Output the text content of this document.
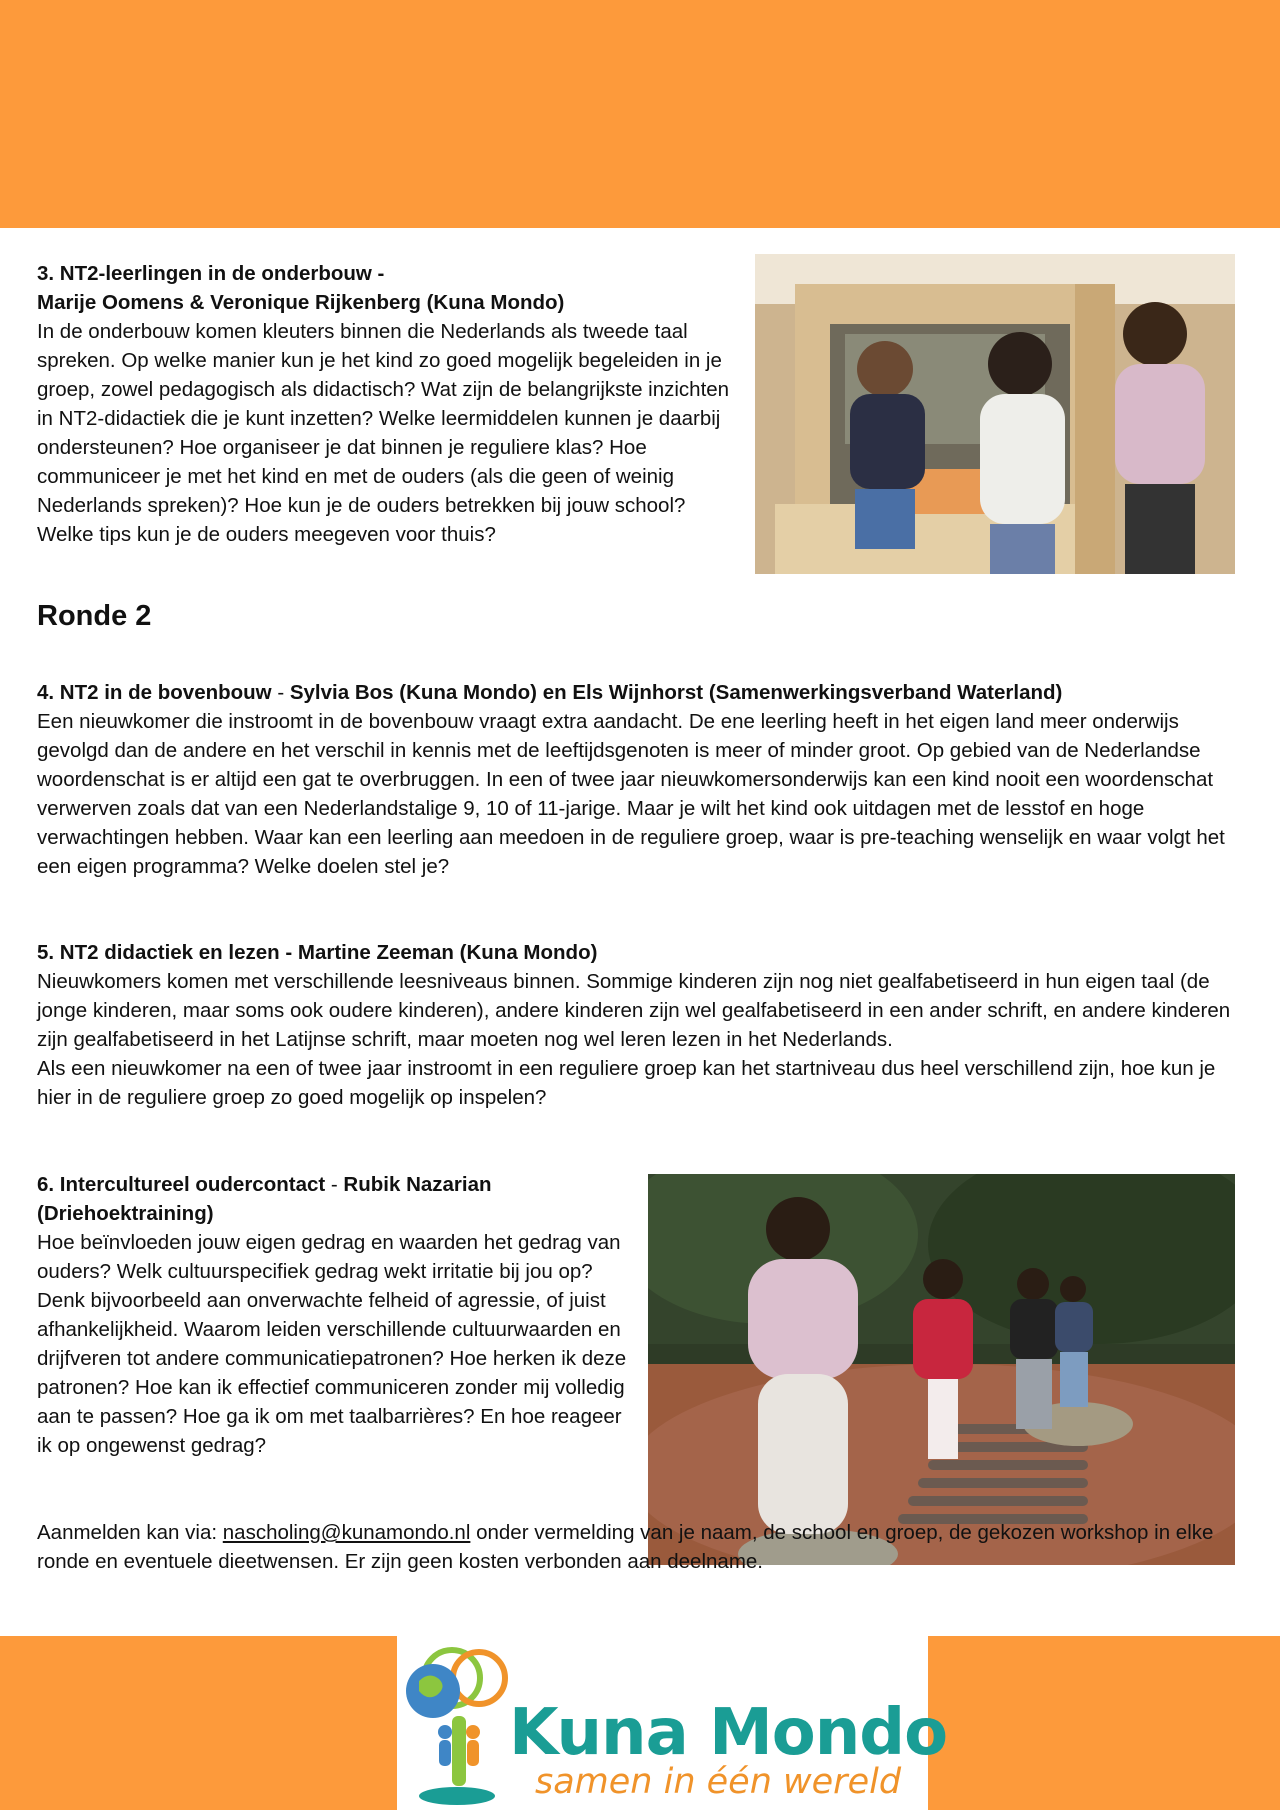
3. NT2-leerlingen in de onderbouw -

Marije Oomens & Veronique Rijkenberg (Kuna Mondo)

In de onderbouw komen kleuters binnen die Nederlands als tweede taal spreken. Op welke manier kun je het kind zo goed mogelijk begeleiden in je groep, zowel pedagogisch als didactisch? Wat zijn de belangrijkste inzichten in NT2-didactiek die je kunt inzetten? Welke leermiddelen kunnen je daarbij ondersteunen? Hoe organiseer je dat binnen je reguliere klas? Hoe communiceer je met het kind en met de ouders (als die geen of weinig Nederlands spreken)? Hoe kun je de ouders betrekken bij jouw school? Welke tips kun je de ouders meegeven voor thuis?

Ronde 2

4. NT2 in de bovenbouw - Sylvia Bos (Kuna Mondo) en Els Wijnhorst (Samenwerkingsverband Waterland)

Een nieuwkomer die instroomt in de bovenbouw vraagt extra aandacht. De ene leerling heeft in het eigen land meer onderwijs gevolgd dan de andere en het verschil in kennis met de leeftijdsgenoten is meer of minder groot. Op gebied van de Nederlandse woordenschat is er altijd een gat te overbruggen. In een of twee jaar nieuwkomersonderwijs kan een kind nooit een woordenschat verwerven zoals dat van een Nederlandstalige 9, 10 of 11-jarige. Maar je wilt het kind ook uitdagen met de lesstof en hoge verwachtingen hebben. Waar kan een leerling aan meedoen in de reguliere groep, waar is pre-teaching wenselijk en waar volgt het een eigen programma? Welke doelen stel je?

5. NT2 didactiek en lezen - Martine Zeeman (Kuna Mondo)

Nieuwkomers komen met verschillende leesniveaus binnen. Sommige kinderen zijn nog niet gealfabetiseerd in hun eigen taal (de jonge kinderen, maar soms ook oudere kinderen), andere kinderen zijn wel gealfabetiseerd in een ander schrift, en andere kinderen zijn gealfabetiseerd in het Latijnse schrift, maar moeten nog wel leren lezen in het Nederlands.

Als een nieuwkomer na een of twee jaar instroomt in een reguliere groep kan het startniveau dus heel verschillend zijn, hoe kun je hier in de reguliere groep zo goed mogelijk op inspelen?

6. Intercultureel oudercontact - Rubik Nazarian (Driehoektraining)

Hoe beïnvloeden jouw eigen gedrag en waarden het gedrag van ouders? Welk cultuurspecifiek gedrag wekt irritatie bij jou op? Denk bijvoorbeeld aan onverwachte felheid of agressie, of juist afhankelijkheid. Waarom leiden verschillende cultuurwaarden en drijfveren tot andere communicatiepatronen? Hoe herken ik deze patronen? Hoe kan ik effectief communiceren zonder mij volledig aan te passen? Hoe ga ik om met taalbarrières? En hoe reageer ik op ongewenst gedrag?

Aanmelden kan via: nascholing@kunamondo.nl onder vermelding van je naam, de school en groep, de gekozen workshop in elke ronde en eventuele dieetwensen. Er zijn geen kosten verbonden aan deelname.

Kuna Mondo
samen in één wereld
